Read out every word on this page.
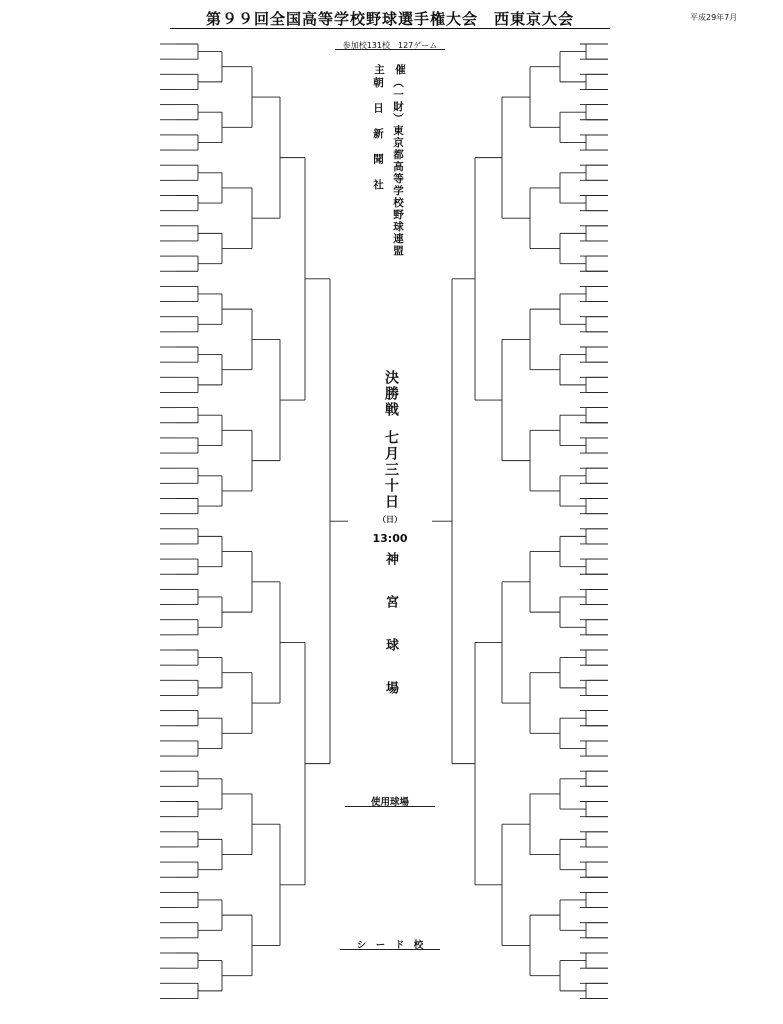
第９９回全国高等学校野球選手権大会　西東京大会	平成29年7月
参加校131校　127ゲーム
主　催
朝日新聞社 （一財）東京都高等学校野球連盟
決勝戦
七月三十日
（日）
13:00
神宮球場
使用球場
シ　ー　ド　校
